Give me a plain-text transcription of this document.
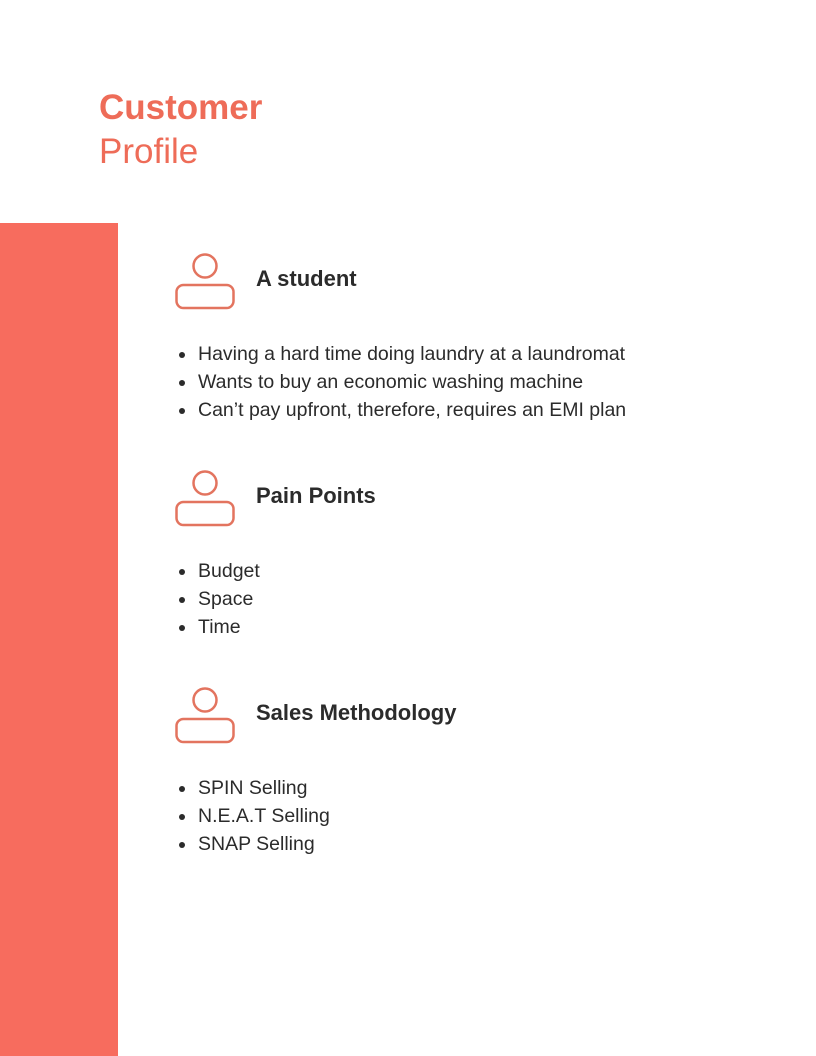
Customer
Profile
A student
Having a hard time doing laundry at a laundromat
Wants to buy an economic washing machine
Can’t pay upfront, therefore, requires an EMI plan
Pain Points
Budget
Space
Time
Sales Methodology
SPIN Selling
N.E.A.T Selling
SNAP Selling
